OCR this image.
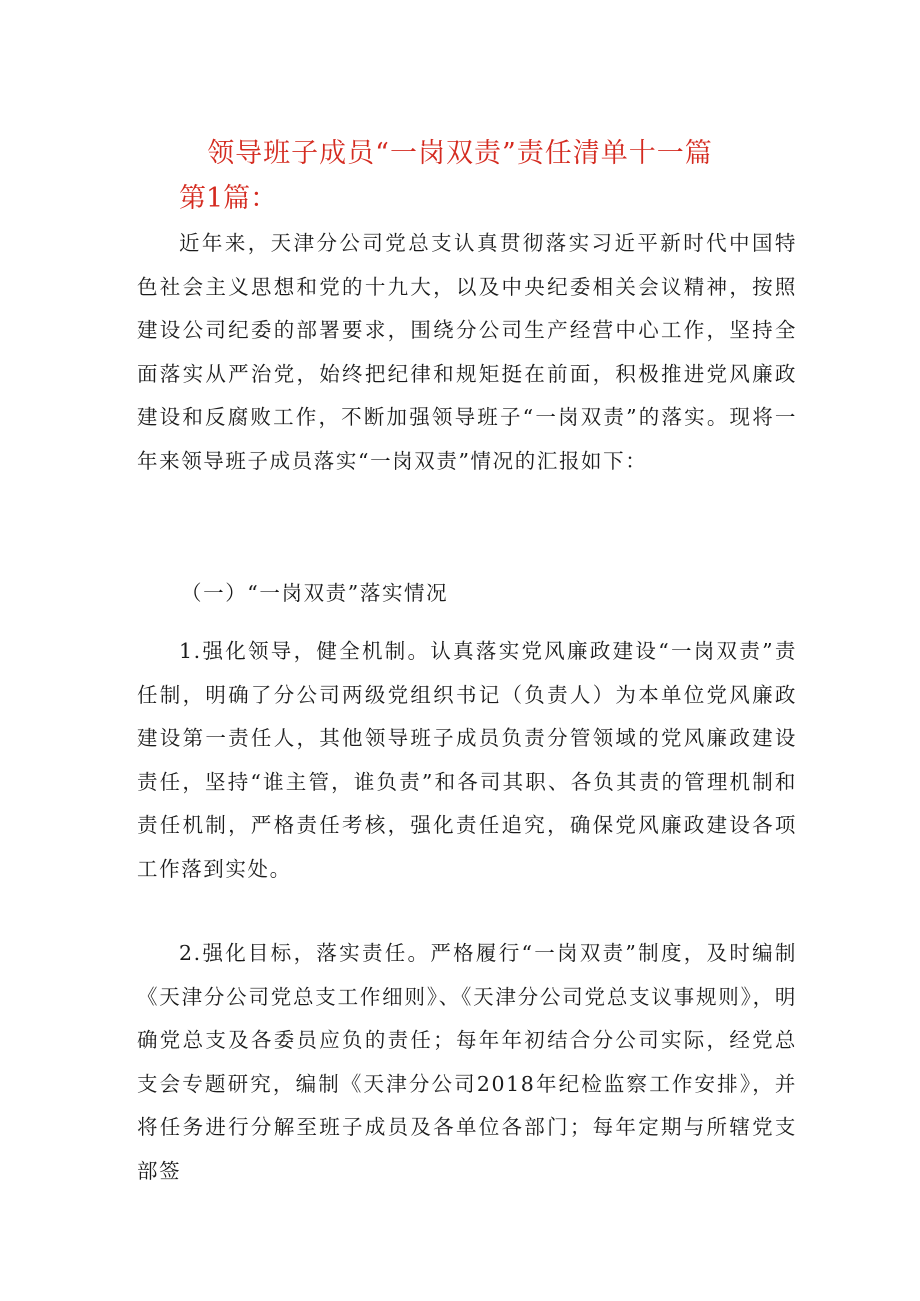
领导班子成员“一岗双责”责任清单十一篇
第1篇：

近年来，天津分公司党总支认真贯彻落实习近平新时代中国特色社会主义思想和党的十九大，以及中央纪委相关会议精神，按照建设公司纪委的部署要求，围绕分公司生产经营中心工作，坚持全面落实从严治党，始终把纪律和规矩挺在前面，积极推进党风廉政建设和反腐败工作，不断加强领导班子“一岗双责”的落实。现将一年来领导班子成员落实“一岗双责”情况的汇报如下：

（一）“一岗双责”落实情况

1.强化领导，健全机制。认真落实党风廉政建设“一岗双责”责任制，明确了分公司两级党组织书记（负责人）为本单位党风廉政建设第一责任人，其他领导班子成员负责分管领域的党风廉政建设责任，坚持“谁主管，谁负责”和各司其职、各负其责的管理机制和责任机制，严格责任考核，强化责任追究，确保党风廉政建设各项工作落到实处。

2.强化目标，落实责任。严格履行“一岗双责”制度，及时编制《天津分公司党总支工作细则》、《天津分公司党总支议事规则》，明确党总支及各委员应负的责任；每年年初结合分公司实际，经党总支会专题研究，编制《天津分公司2018年纪检监察工作安排》，并将任务进行分解至班子成员及各单位各部门；每年定期与所辖党支部签
